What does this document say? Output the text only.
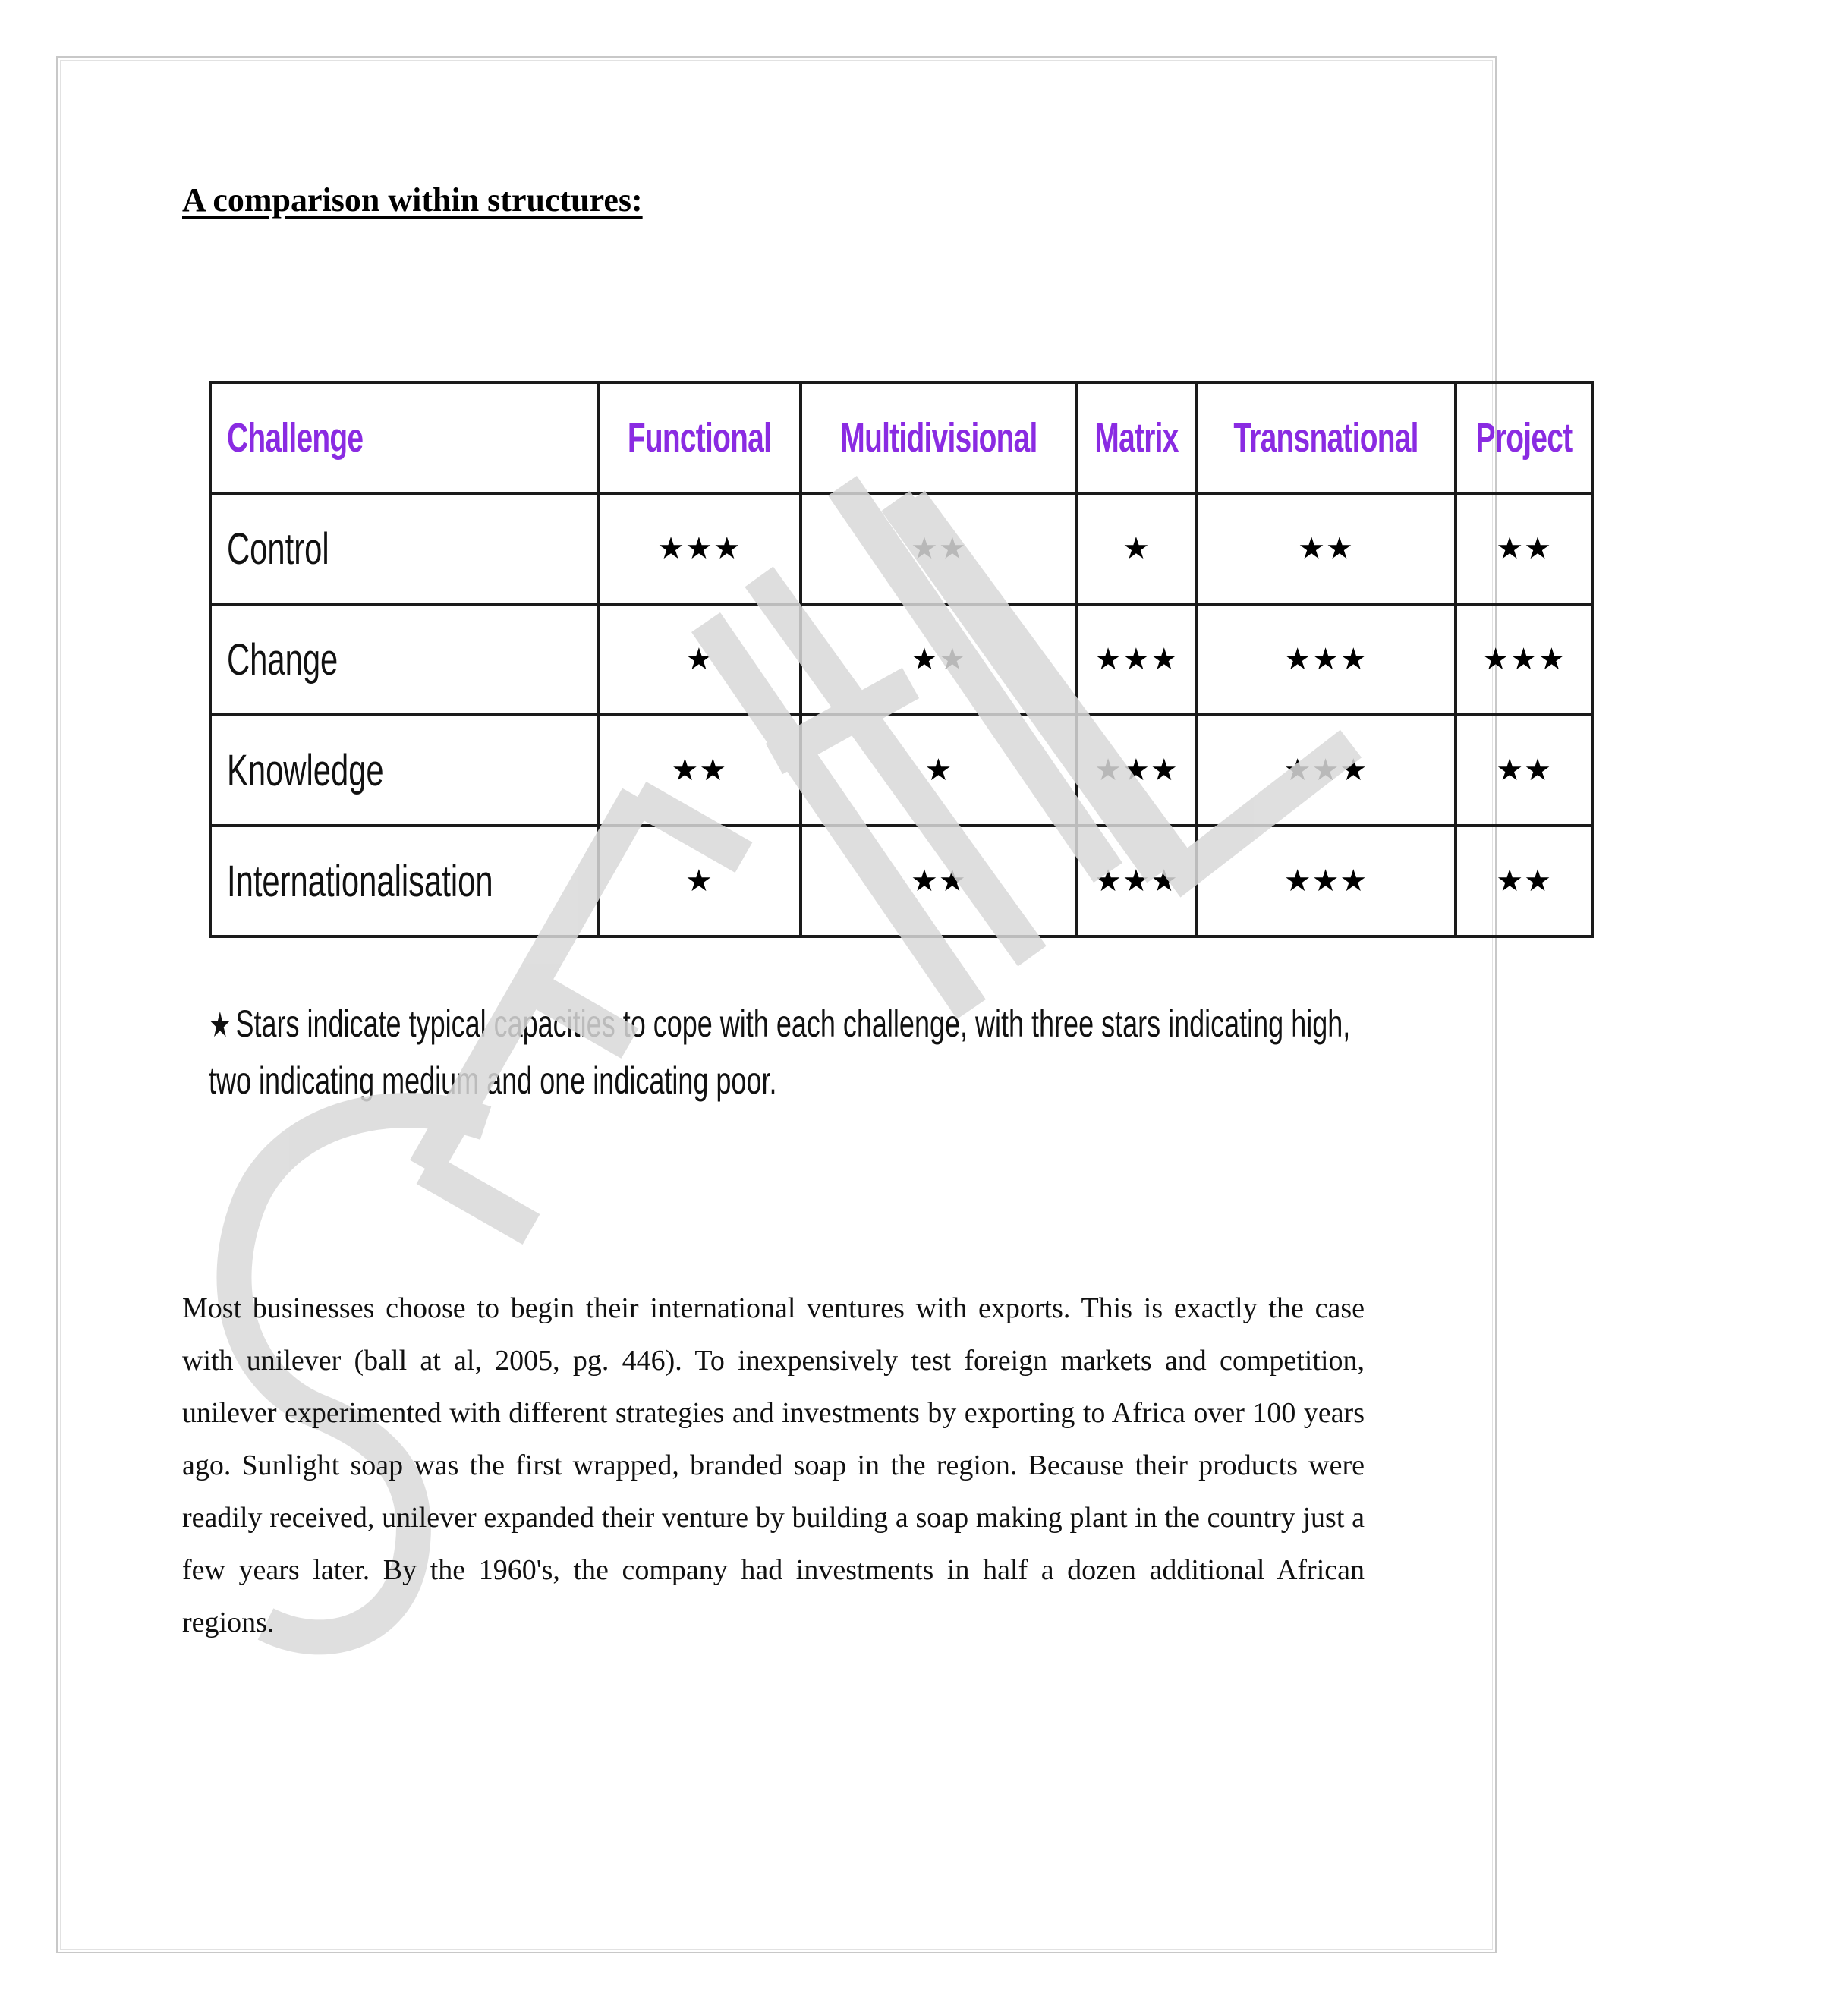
A comparison within structures:
Challenge	Functional	Multidivisional	Matrix	Transnational	Project
Control	★★★	★★	★	★★	★★
Change	★	★★	★★★	★★★	★★★
Knowledge	★★	★	★★★	★★★	★★
Internationalisation	★	★★	★★★	★★★	★★
★ Stars indicate typical capacities to cope with each challenge, with three stars indicating high, two indicating medium and one indicating poor.

Most businesses choose to begin their international ventures with exports. This is exactly the case with unilever (ball at al, 2005, pg. 446). To inexpensively test foreign markets and competition, unilever experimented with different strategies and investments by exporting to Africa over 100 years ago. Sunlight soap was the first wrapped, branded soap in the region. Because their products were readily received, unilever expanded their venture by building a soap making plant in the country just a few years later. By the 1960's, the company had investments in half a dozen additional African regions.
